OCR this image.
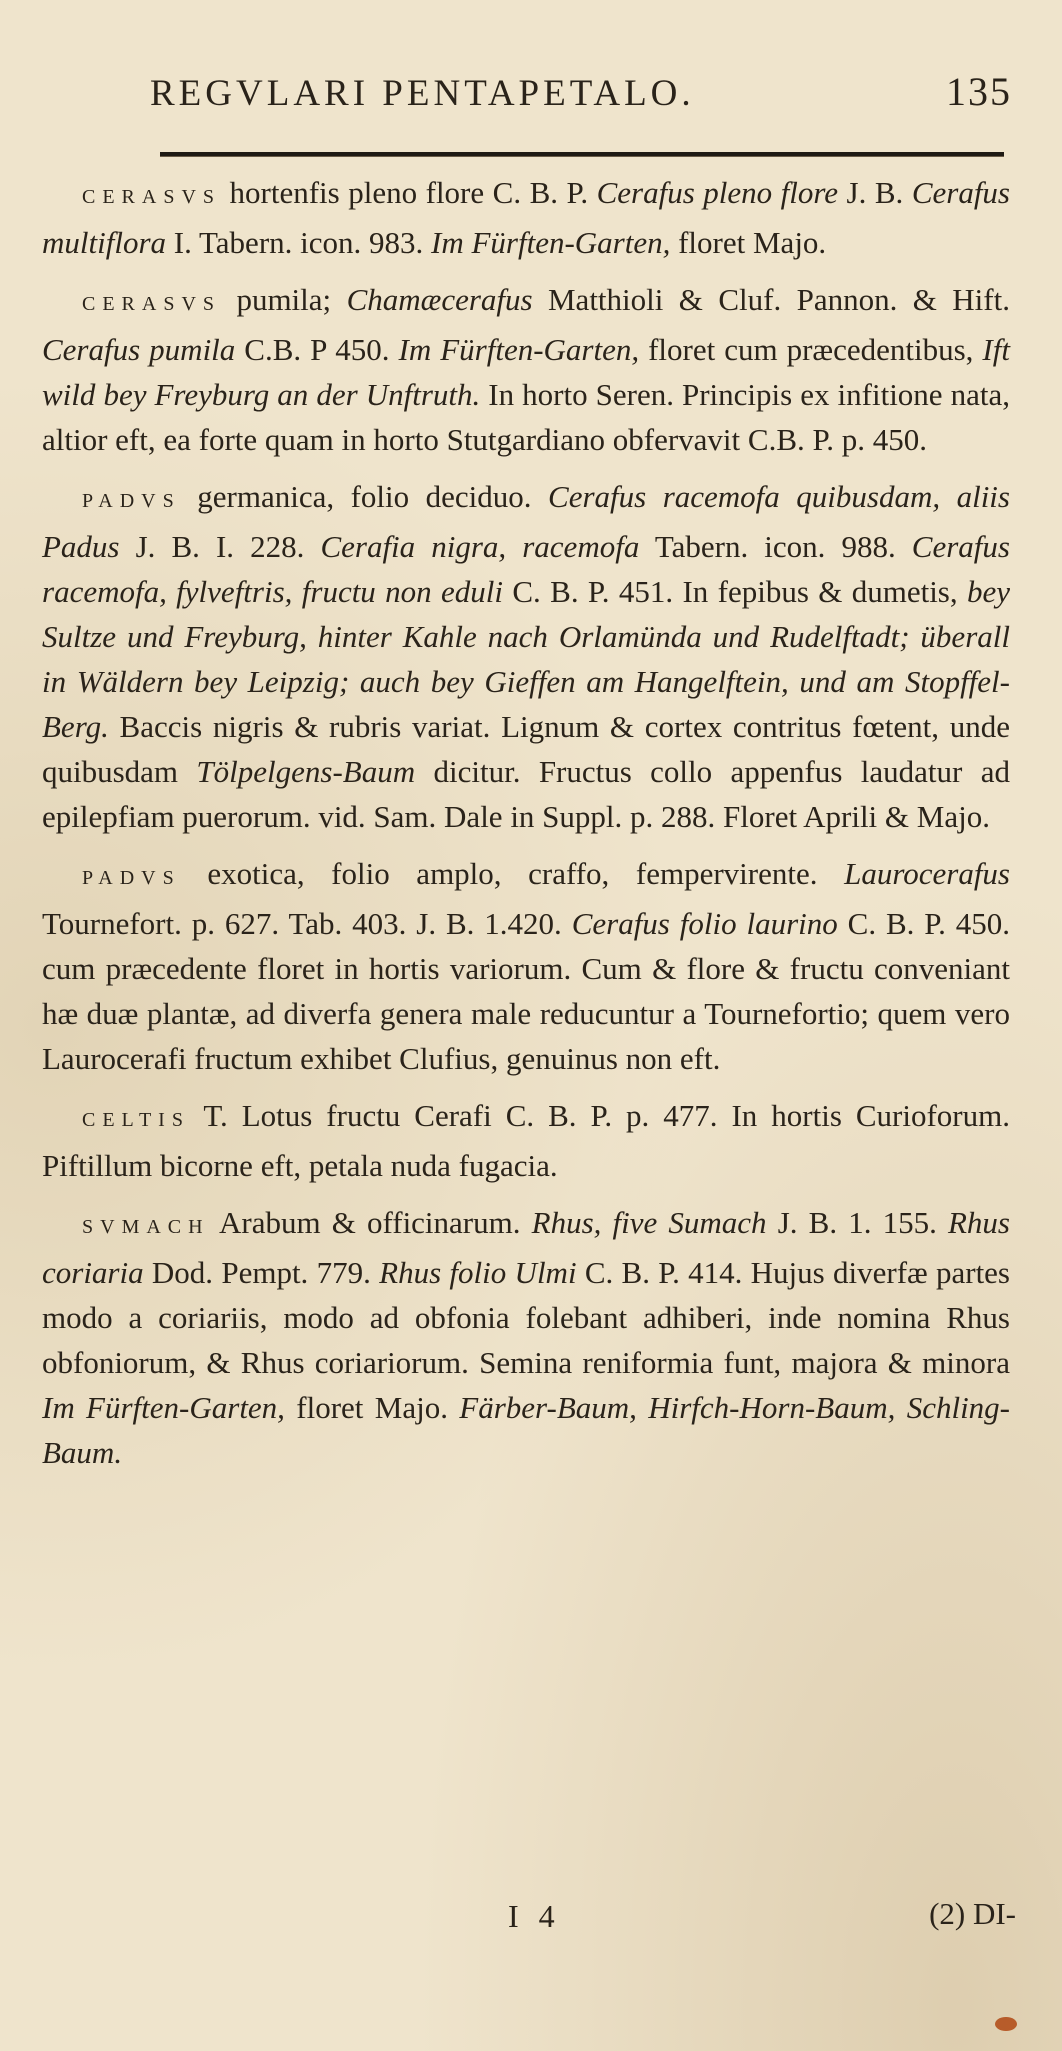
REGVLARI PENTAPETALO.	135

CERASVS hortenfis pleno flore C. B. P. Cerafus pleno flore J. B. Cerafus multiflora I. Tabern. icon. 983. Im Fürften-Garten, floret Majo.

CERASVS pumila; Chamæcerafus Matthioli & Cluf. Pannon. & Hift. Cerafus pumila C.B. P 450. Im Fürften-Garten, floret cum præcedentibus, Ift wild bey Freyburg an der Unftruth. In horto Seren. Principis ex infitione nata, altior eft, ea forte quam in horto Stutgardiano obfervavit C.B. P. p. 450.

PADVS germanica, folio deciduo. Cerafus racemofa quibusdam, aliis Padus J. B. I. 228. Cerafia nigra, racemofa Tabern. icon. 988. Cerafus racemofa, fylveftris, fructu non eduli C. B. P. 451. In fepibus & dumetis, bey Sultze und Freyburg, hinter Kahle nach Orlamünda und Rudelftadt; überall in Wäldern bey Leipzig; auch bey Gieffen am Hangelftein, und am Stopffel-Berg. Baccis nigris & rubris variat. Lignum & cortex contritus fœtent, unde quibusdam Tölpelgens-Baum dicitur. Fructus collo appenfus laudatur ad epilepfiam puerorum. vid. Sam. Dale in Suppl. p. 288. Floret Aprili & Majo.

PADVS exotica, folio amplo, craffo, fempervirente. Laurocerafus Tournefort. p. 627. Tab. 403. J. B. 1.420. Cerafus folio laurino C. B. P. 450. cum præcedente floret in hortis variorum. Cum & flore & fructu conveniant hæ duæ plantæ, ad diverfa genera male reducuntur a Tournefortio; quem vero Laurocerafi fructum exhibet Clufius, genuinus non eft.

CELTIS T. Lotus fructu Cerafi C. B. P. p. 477. In hortis Curioforum. Piftillum bicorne eft, petala nuda fugacia.

SVMACH Arabum & officinarum. Rhus, five Sumach J. B. 1. 155. Rhus coriaria Dod. Pempt. 779. Rhus folio Ulmi C. B. P. 414. Hujus diverfæ partes modo a coriariis, modo ad obfonia folebant adhiberi, inde nomina Rhus obfoniorum, & Rhus coriariorum. Semina reniformia funt, majora & minora Im Fürften-Garten, floret Majo. Färber-Baum, Hirfch-Horn-Baum, Schling-Baum.

I 4	(2) DI-
